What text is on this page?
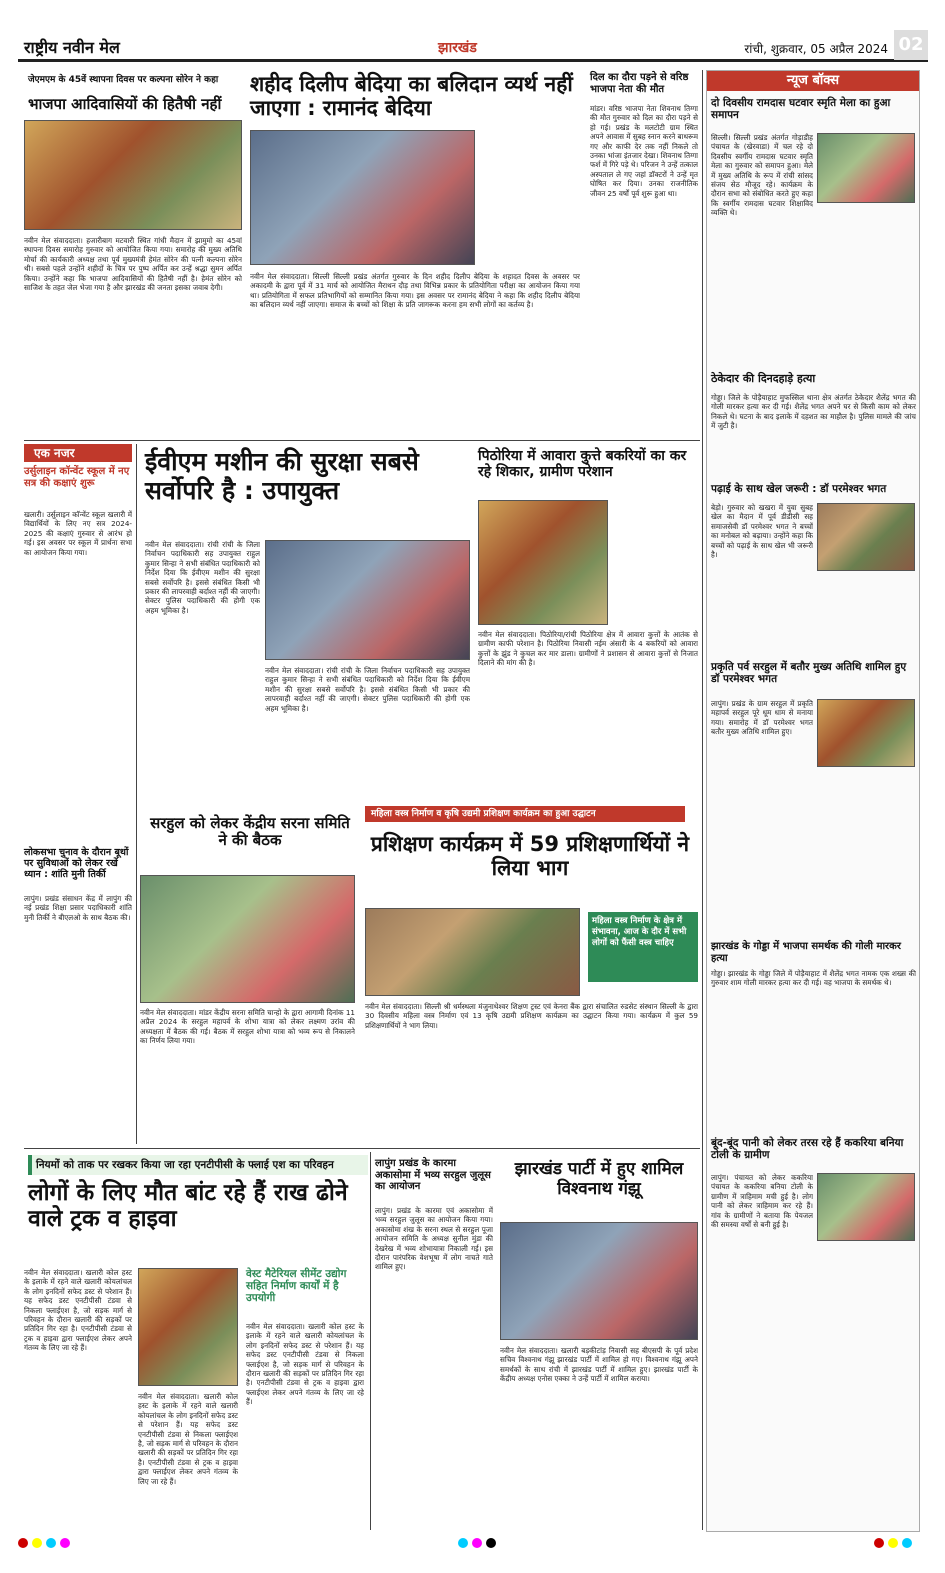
राष्ट्रीय नवीन मेल	झारखंड	रांची, शुक्रवार, 05 अप्रैल 2024 02
जेएमएम के 45वें स्थापना दिवस पर कल्पना सोरेन ने कहा
भाजपा आदिवासियों की हितैषी नहीं
नवीन मेल संवाददाता। हजारीबाग मटवारी स्थित गांधी मैदान में झामुमो का 45वां स्थापना दिवस समारोह गुरुवार को आयोजित किया गया। समारोह की मुख्य अतिथि मोर्चा की कार्यकारी अध्यक्ष तथा पूर्व मुख्यमंत्री हेमंत सोरेन की पत्नी कल्पना सोरेन थी। सबसे पहले उन्होंने शहीदों के चित्र पर पुष्प अर्पित कर उन्हें श्रद्धा सुमन अर्पित किया। उन्होंने कहा कि भाजपा आदिवासियों की हितैषी नहीं है। हेमंत सोरेन को साजिश के तहत जेल भेजा गया है और झारखंड की जनता इसका जवाब देगी।
शहीद दिलीप बेदिया का बलिदान व्यर्थ नहीं जाएगा : रामानंद बेदिया
नवीन मेल संवाददाता। सिल्ली सिल्ली प्रखंड अंतर्गत गुरुवार के दिन शहीद दिलीप बेदिया के शहादत दिवस के अवसर पर अकादमी के द्वारा पूर्व में 31 मार्च को आयोजित मैराथन दौड़ तथा विभिन्न प्रकार के प्रतियोगिता परीक्षा का आयोजन किया गया था। प्रतियोगिता में सफल प्रतिभागियों को सम्मानित किया गया। इस अवसर पर रामानंद बेदिया ने कहा कि शहीद दिलीप बेदिया का बलिदान व्यर्थ नहीं जाएगा। समाज के बच्चों को शिक्षा के प्रति जागरूक करना हम सभी लोगों का कर्तव्य है।
दिल का दौरा पड़ने से वरिष्ठ भाजपा नेता की मौत
मांडर। वरिष्ठ भाजपा नेता शिवनाथ तिग्गा की मौत गुरुवार को दिल का दौरा पड़ने से हो गई। प्रखंड के मलटोटी ग्राम स्थित अपने आवास में सुबह स्नान करने बाथरूम गए और काफी देर तक नहीं निकले तो उनका भांजा इंतजार देखा। शिवनाथ तिग्गा फर्श में गिरे पड़े थे। परिजन ने उन्हें तत्काल अस्पताल ले गए जहां डॉक्टरों ने उन्हें मृत घोषित कर दिया। उनका राजनीतिक जीवन 25 वर्षों पूर्व शुरू हुआ था।
न्यूज बॉक्स
दो दिवसीय रामदास घटवार स्मृति मेला का हुआ समापन
सिल्ली। सिल्ली प्रखंड अंतर्गत गोड़ाडीह पंचायत के (खेरवाडा) में चल रहे दो दिवसीय स्वर्गीय रामदास घटवार स्मृति मेला का गुरुवार को समापन हुआ। मेले में मुख्य अतिथि के रूप में रांची सांसद संजय सेठ मौजूद रहे। कार्यक्रम के दौरान सभा को संबोधित करते हुए कहा कि स्वर्गीय रामदास घटवार शिक्षाविद व्यक्ति थे।
ठेकेदार की दिनदहाड़े हत्या
गोड्डा। जिले के पोड़ैयाहाट मुफस्सिल थाना क्षेत्र अंतर्गत ठेकेदार शैलेंद्र भगत की गोली मारकर हत्या कर दी गई। शैलेंद्र भगत अपने घर से किसी काम को लेकर निकले थे। घटना के बाद इलाके में दहशत का माहौल है। पुलिस मामले की जांच में जुटी है।
पढ़ाई के साथ खेल जरूरी : डॉ परमेश्वर भगत
बेड़ो। गुरुवार को खखरा में युवा सुबह खेल का मैदान में पूर्व डीडीसी सह समाजसेवी डॉ परमेश्वर भगत ने बच्चों का मनोबल को बढ़ाया। उन्होंने कहा कि बच्चों को पढ़ाई के साथ खेल भी जरूरी है।
प्रकृति पर्व सरहुल में बतौर मुख्य अतिथि शामिल हुए डॉ परमेश्वर भगत
लापुंग। प्रखंड के ग्राम सरहुल में प्रकृति महापर्व सरहुल पूरे धूम धाम से मनाया गया। समारोह में डॉ परमेश्वर भगत बतौर मुख्य अतिथि शामिल हुए।
झारखंड के गोड्डा में भाजपा समर्थक की गोली मारकर हत्या
गोड्डा। झारखंड के गोड्डा जिले में पोड़ैयाहाट में शैलेंद्र भगत नामक एक शख्स की गुरुवार शाम गोली मारकर हत्या कर दी गई। वह भाजपा के समर्थक थे।
बूंद-बूंद पानी को लेकर तरस रहे हैं ककरिया बनिया टोली के ग्रामीण
लापुंग। पंचायत को लेकर ककरिया पंचायत के ककरिया बनिया टोली के ग्रामीण में त्राहिमाम मची हुई है। लोग पानी को लेकर त्राहिमाम कर रहे हैं। गांव के ग्रामीणों ने बताया कि पेयजल की समस्या वर्षों से बनी हुई है।
एक नजर
उर्सुलाइन कॉन्वेंट स्कूल में नए सत्र की कक्षाएं शुरू
खलारी। उर्सुलाइन कॉन्वेंट स्कूल खलारी में विद्यार्थियों के लिए नए सत्र 2024-2025 की कक्षाएं गुरुवार से आरंभ हो गई। इस अवसर पर स्कूल में प्रार्थना सभा का आयोजन किया गया।
लोकसभा चुनाव के दौरान बूथों पर सुविधाओं को लेकर रखें ध्यान : शांति मुनी तिर्की
लापुंग। प्रखंड संसाधन केंद्र में लापुंग की नई प्रखंड शिक्षा प्रसार पदाधिकारी शांति मुनी तिर्की ने बीएलओ के साथ बैठक की।
ईवीएम मशीन की सुरक्षा सबसे सर्वोपरि है : उपायुक्त
नवीन मेल संवाददाता। रांची रांची के जिला निर्वाचन पदाधिकारी सह उपायुक्त राहुल कुमार सिन्हा ने सभी संबंधित पदाधिकारी को निर्देश दिया कि ईवीएम मशीन की सुरक्षा सबसे सर्वोपरि है। इससे संबंधित किसी भी प्रकार की लापरवाही बर्दाश्त नहीं की जाएगी। सेक्टर पुलिस पदाधिकारी की होगी एक अहम भूमिका है।
नवीन मेल संवाददाता। रांची रांची के जिला निर्वाचन पदाधिकारी सह उपायुक्त राहुल कुमार सिन्हा ने सभी संबंधित पदाधिकारी को निर्देश दिया कि ईवीएम मशीन की सुरक्षा सबसे सर्वोपरि है। इससे संबंधित किसी भी प्रकार की लापरवाही बर्दाश्त नहीं की जाएगी। सेक्टर पुलिस पदाधिकारी की होगी एक अहम भूमिका है।
पिठोरिया में आवारा कुत्ते बकरियों का कर रहे शिकार, ग्रामीण परेशान
नवीन मेल संवाददाता। पिठोरिया/रांची पिठोरिया क्षेत्र में आवारा कुत्तों के आतंक से ग्रामीण काफी परेशान है। पिठोरिया निवासी नईम अंसारी के 4 बकरियों को आवारा कुत्तों के झुंड ने कुचल कर मार डाला। ग्रामीणों ने प्रशासन से आवारा कुत्तों से निजात दिलाने की मांग की है।
सरहुल को लेकर केंद्रीय सरना समिति ने की बैठक
नवीन मेल संवाददाता। मांडर केंद्रीय सरना समिति चान्हो के द्वारा आगामी दिनांक 11 अप्रैल 2024 के सरहुल महापर्व के शोभा यात्रा को लेकर लक्ष्मण उरांव की अध्यक्षता में बैठक की गई। बैठक में सरहुल शोभा यात्रा को भव्य रूप से निकालने का निर्णय लिया गया।
महिला वस्त्र निर्माण व कृषि उद्यमी प्रशिक्षण कार्यक्रम का हुआ उद्घाटन
प्रशिक्षण कार्यक्रम में 59 प्रशिक्षणार्थियों ने लिया भाग
महिला वस्त्र निर्माण के क्षेत्र में संभावना, आज के दौर में सभी लोगों को फैंसी वस्त्र चाहिए
नवीन मेल संवाददाता। सिल्ली श्री धर्मस्थला मंजुनाथेश्वर शिक्षण ट्रस्ट एवं केनरा बैंक द्वारा संचालित रुडसेट संस्थान सिल्ली के द्वारा 30 दिवसीय महिला वस्त्र निर्माण एवं 13 कृषि उद्यमी प्रशिक्षण कार्यक्रम का उद्घाटन किया गया। कार्यक्रम में कुल 59 प्रशिक्षणार्थियों ने भाग लिया।
नियमों को ताक पर रखकर किया जा रहा एनटीपीसी के फ्लाई एश का परिवहन
लोगों के लिए मौत बांट रहे हैं राख ढोने वाले ट्रक व हाइवा
नवीन मेल संवाददाता। खलारी कोल हस्ट के इलाके में रहने वाले खलारी कोयलांचल के लोग इनदिनों सफेद डस्ट से परेशान हैं। यह सफेद डस्ट एनटीपीसी टंडवा से निकला फ्लाईएश है, जो सड़क मार्ग से परिवहन के दौरान खलारी की सड़कों पर प्रतिदिन गिर रहा है। एनटीपीसी टंडवा से ट्रक व हाइवा द्वारा फ्लाईएश लेकर अपने गंतव्य के लिए जा रहे हैं।
नवीन मेल संवाददाता। खलारी कोल हस्ट के इलाके में रहने वाले खलारी कोयलांचल के लोग इनदिनों सफेद डस्ट से परेशान हैं। यह सफेद डस्ट एनटीपीसी टंडवा से निकला फ्लाईएश है, जो सड़क मार्ग से परिवहन के दौरान खलारी की सड़कों पर प्रतिदिन गिर रहा है। एनटीपीसी टंडवा से ट्रक व हाइवा द्वारा फ्लाईएश लेकर अपने गंतव्य के लिए जा रहे हैं।
वेस्ट मैटेरियल सीमेंट उद्योग सहित निर्माण कार्यों में है उपयोगी
नवीन मेल संवाददाता। खलारी कोल हस्ट के इलाके में रहने वाले खलारी कोयलांचल के लोग इनदिनों सफेद डस्ट से परेशान हैं। यह सफेद डस्ट एनटीपीसी टंडवा से निकला फ्लाईएश है, जो सड़क मार्ग से परिवहन के दौरान खलारी की सड़कों पर प्रतिदिन गिर रहा है। एनटीपीसी टंडवा से ट्रक व हाइवा द्वारा फ्लाईएश लेकर अपने गंतव्य के लिए जा रहे हैं।
लापुंग प्रखंड के कारमा अकासोमा में भव्य सरहुल जुलूस का आयोजन
लापुंग। प्रखंड के कारमा एवं अकासोमा में भव्य सरहुल जुलूस का आयोजन किया गया। अकासोमा शंख के सरना स्थल से सरहुल पूजा आयोजन समिति के अध्यक्ष सुनील मुंडा की देखरेख में भव्य शोभायात्रा निकाली गई। इस दौरान पारंपरिक वेशभूषा में लोग नाचते गाते शामिल हुए।
झारखंड पार्टी में हुए शामिल विश्वनाथ गंझू
नवीन मेल संवाददाता। खलारी बड़कीटांड़ निवासी सह बीएसपी के पूर्व प्रदेश सचिव विश्वनाथ गंझू झारखंड पार्टी में शामिल हो गए। विश्वनाथ गंझू अपने समर्थकों के साथ रांची में झारखंड पार्टी में शामिल हुए। झारखंड पार्टी के केंद्रीय अध्यक्ष एनोस एक्का ने उन्हें पार्टी में शामिल कराया।
